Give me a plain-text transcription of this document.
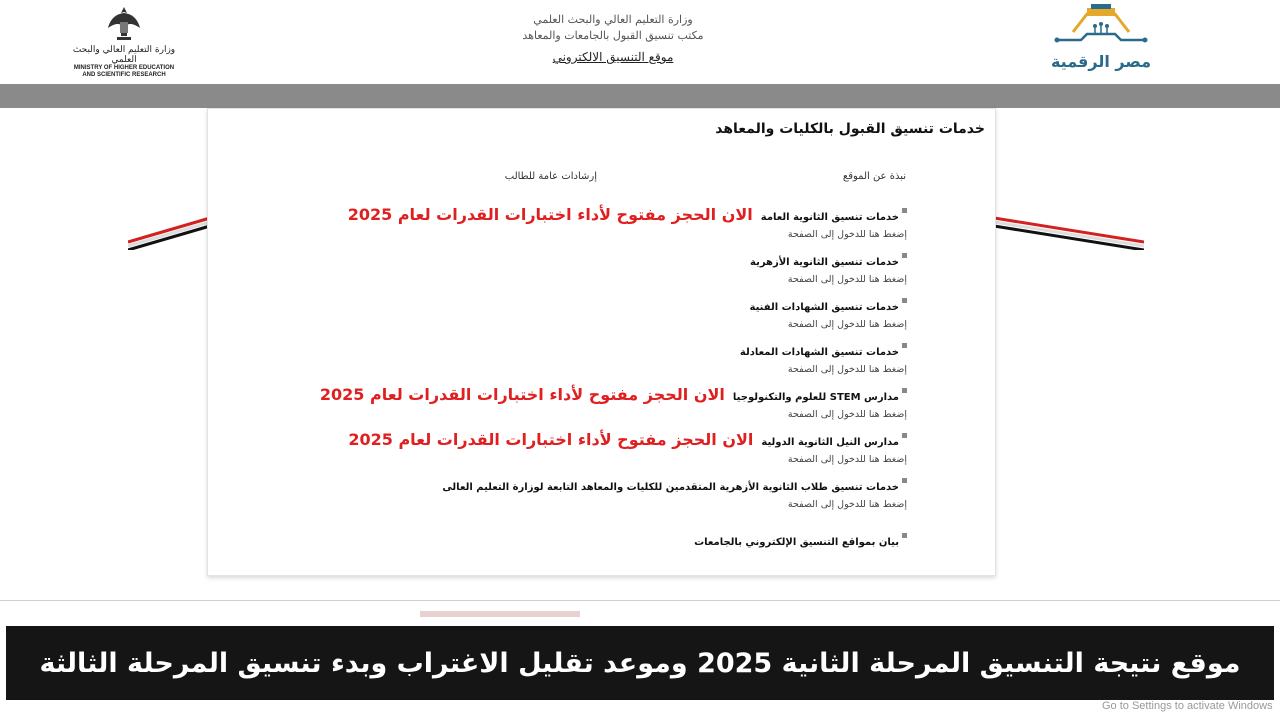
وزارة التعليم العالي والبحث العلمي
MINISTRY OF HIGHER EDUCATION
AND SCIENTIFIC RESEARCH
وزارة التعليم العالي والبحث العلمي
مكتب تنسيق القبول بالجامعات والمعاهد
موقع التنسيق الالكتروني	مصر الرقمية
خدمات تنسيق القبول بالكليات والمعاهد
نبذة عن الموقع
إرشادات عامة للطالب
خدمات تنسيق الثانوية العامةالان الحجز مفتوح لأداء اختبارات القدرات لعام 2025
إضغط هنا للدخول إلى الصفحة
خدمات تنسيق الثانوية الأزهرية
إضغط هنا للدخول إلى الصفحة
خدمات تنسيق الشهادات الفنية
إضغط هنا للدخول إلى الصفحة
خدمات تنسيق الشهادات المعادلة
إضغط هنا للدخول إلى الصفحة
مدارس STEM للعلوم والتكنولوجياالان الحجز مفتوح لأداء اختبارات القدرات لعام 2025
إضغط هنا للدخول إلى الصفحة
مدارس النيل الثانوية الدوليةالان الحجز مفتوح لأداء اختبارات القدرات لعام 2025
إضغط هنا للدخول إلى الصفحة
خدمات تنسيق طلاب الثانوية الأزهرية المتقدمين للكليات والمعاهد التابعة لوزارة التعليم العالى
إضغط هنا للدخول إلى الصفحة
بيان بمواقع التنسيق الإلكتروني بالجامعات
موقع نتيجة التنسيق المرحلة الثانية 2025 وموعد تقليل الاغتراب وبدء تنسيق المرحلة الثالثة
Go to Settings to activate Windows
